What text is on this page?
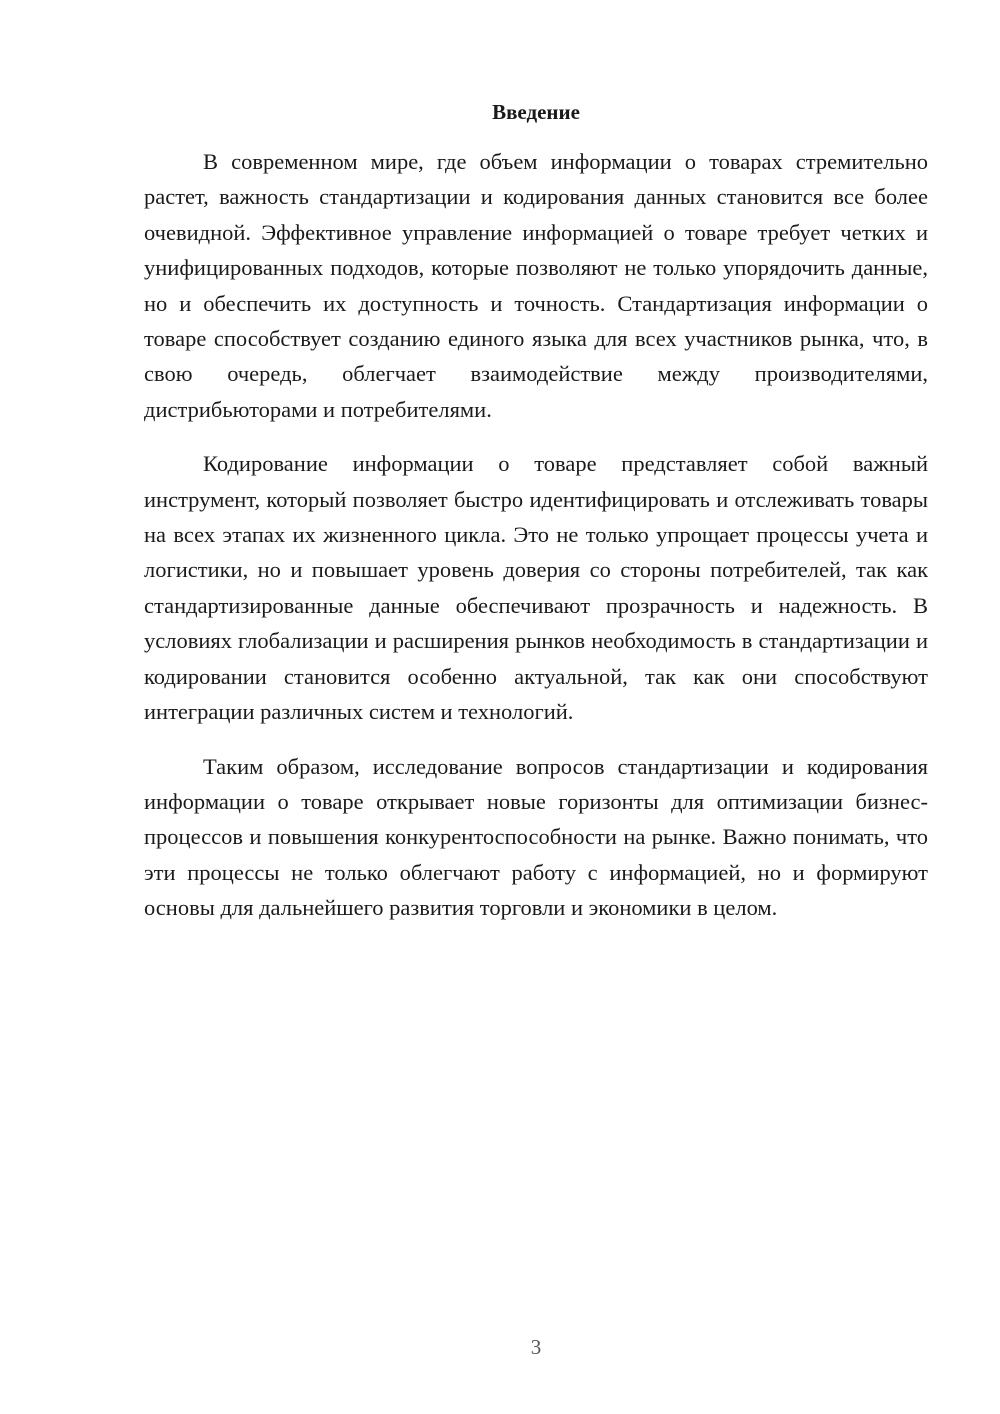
Введение

В современном мире, где объем информации о товарах стремительно растет, важность стандартизации и кодирования данных становится все более очевидной. Эффективное управление информацией о товаре требует четких и унифицированных подходов, которые позволяют не только упорядочить данные, но и обеспечить их доступность и точность. Стандартизация информации о товаре способствует созданию единого языка для всех участников рынка, что, в свою очередь, облегчает взаимодействие между производителями, дистрибьюторами и потребителями.

Кодирование информации о товаре представляет собой важный инструмент, который позволяет быстро идентифицировать и отслеживать товары на всех этапах их жизненного цикла. Это не только упрощает процессы учета и логистики, но и повышает уровень доверия со стороны потребителей, так как стандартизированные данные обеспечивают прозрачность и надежность. В условиях глобализации и расширения рынков необходимость в стандартизации и кодировании становится особенно актуальной, так как они способствуют интеграции различных систем и технологий.

Таким образом, исследование вопросов стандартизации и кодирования информации о товаре открывает новые горизонты для оптимизации бизнес-процессов и повышения конкурентоспособности на рынке. Важно понимать, что эти процессы не только облегчают работу с информацией, но и формируют основы для дальнейшего развития торговли и экономики в целом.

3
